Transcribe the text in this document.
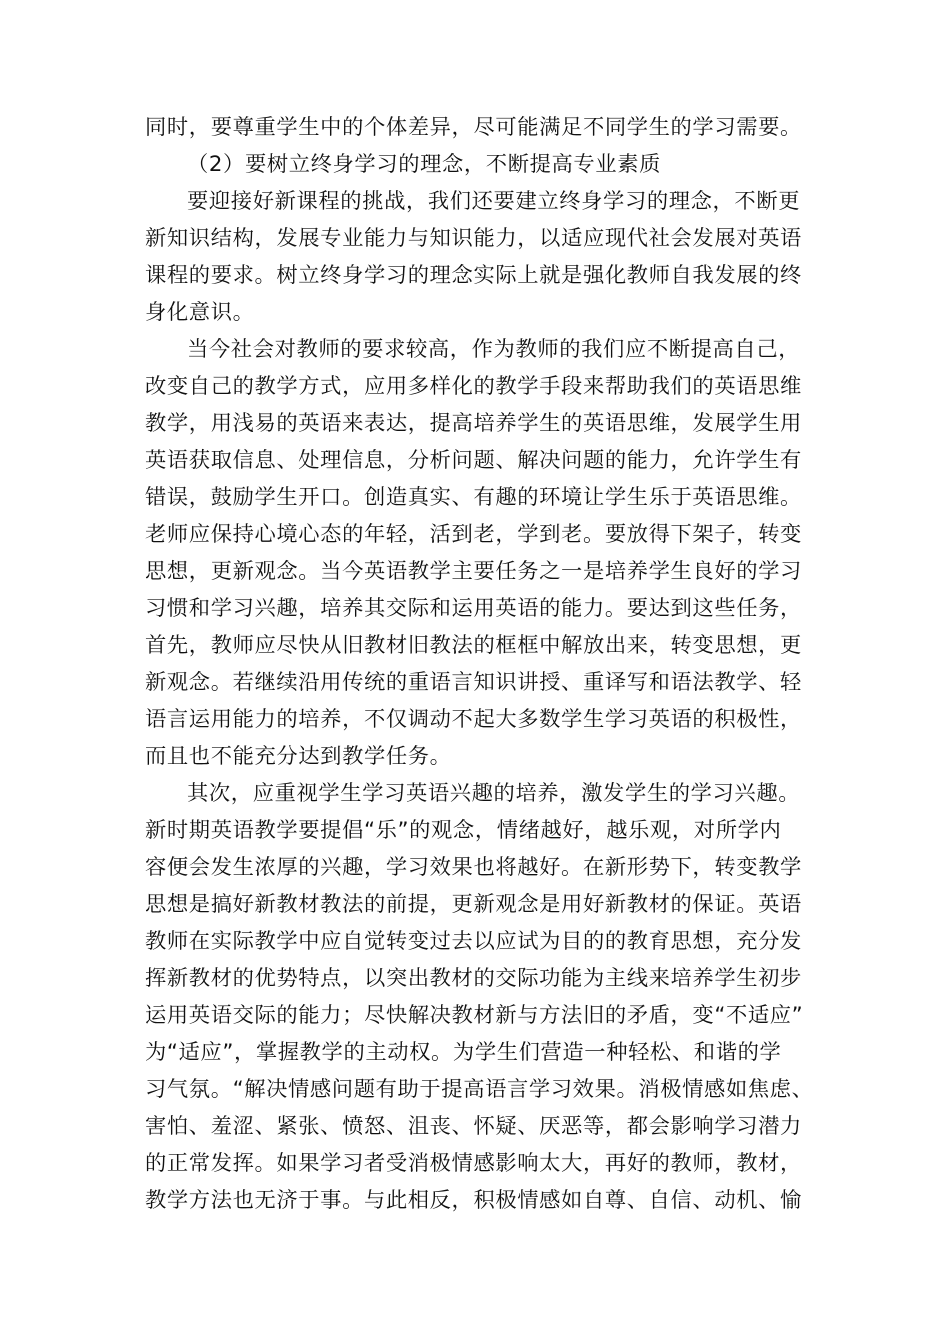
同时，要尊重学生中的个体差异，尽可能满足不同学生的学习需要。
（2）要树立终身学习的理念，不断提高专业素质
要迎接好新课程的挑战，我们还要建立终身学习的理念，不断更
新知识结构，发展专业能力与知识能力，以适应现代社会发展对英语
课程的要求。树立终身学习的理念实际上就是强化教师自我发展的终
身化意识。
当今社会对教师的要求较高，作为教师的我们应不断提高自己，
改变自己的教学方式，应用多样化的教学手段来帮助我们的英语思维
教学，用浅易的英语来表达，提高培养学生的英语思维，发展学生用
英语获取信息、处理信息，分析问题、解决问题的能力，允许学生有
错误，鼓励学生开口。创造真实、有趣的环境让学生乐于英语思维。
老师应保持心境心态的年轻，活到老，学到老。要放得下架子，转变
思想，更新观念。当今英语教学主要任务之一是培养学生良好的学习
习惯和学习兴趣，培养其交际和运用英语的能力。要达到这些任务，
首先，教师应尽快从旧教材旧教法的框框中解放出来，转变思想，更
新观念。若继续沿用传统的重语言知识讲授、重译写和语法教学、轻
语言运用能力的培养，不仅调动不起大多数学生学习英语的积极性，
而且也不能充分达到教学任务。
其次，应重视学生学习英语兴趣的培养，激发学生的学习兴趣。
新时期英语教学要提倡“乐”的观念，情绪越好，越乐观，对所学内
容便会发生浓厚的兴趣，学习效果也将越好。在新形势下，转变教学
思想是搞好新教材教法的前提，更新观念是用好新教材的保证。英语
教师在实际教学中应自觉转变过去以应试为目的的教育思想，充分发
挥新教材的优势特点，以突出教材的交际功能为主线来培养学生初步
运用英语交际的能力；尽快解决教材新与方法旧的矛盾，变“不适应”
为“适应”，掌握教学的主动权。为学生们营造一种轻松、和谐的学
习气氛。“解决情感问题有助于提高语言学习效果。消极情感如焦虑、
害怕、羞涩、紧张、愤怒、沮丧、怀疑、厌恶等，都会影响学习潜力
的正常发挥。如果学习者受消极情感影响太大，再好的教师，教材，
教学方法也无济于事。与此相反，积极情感如自尊、自信、动机、愉
